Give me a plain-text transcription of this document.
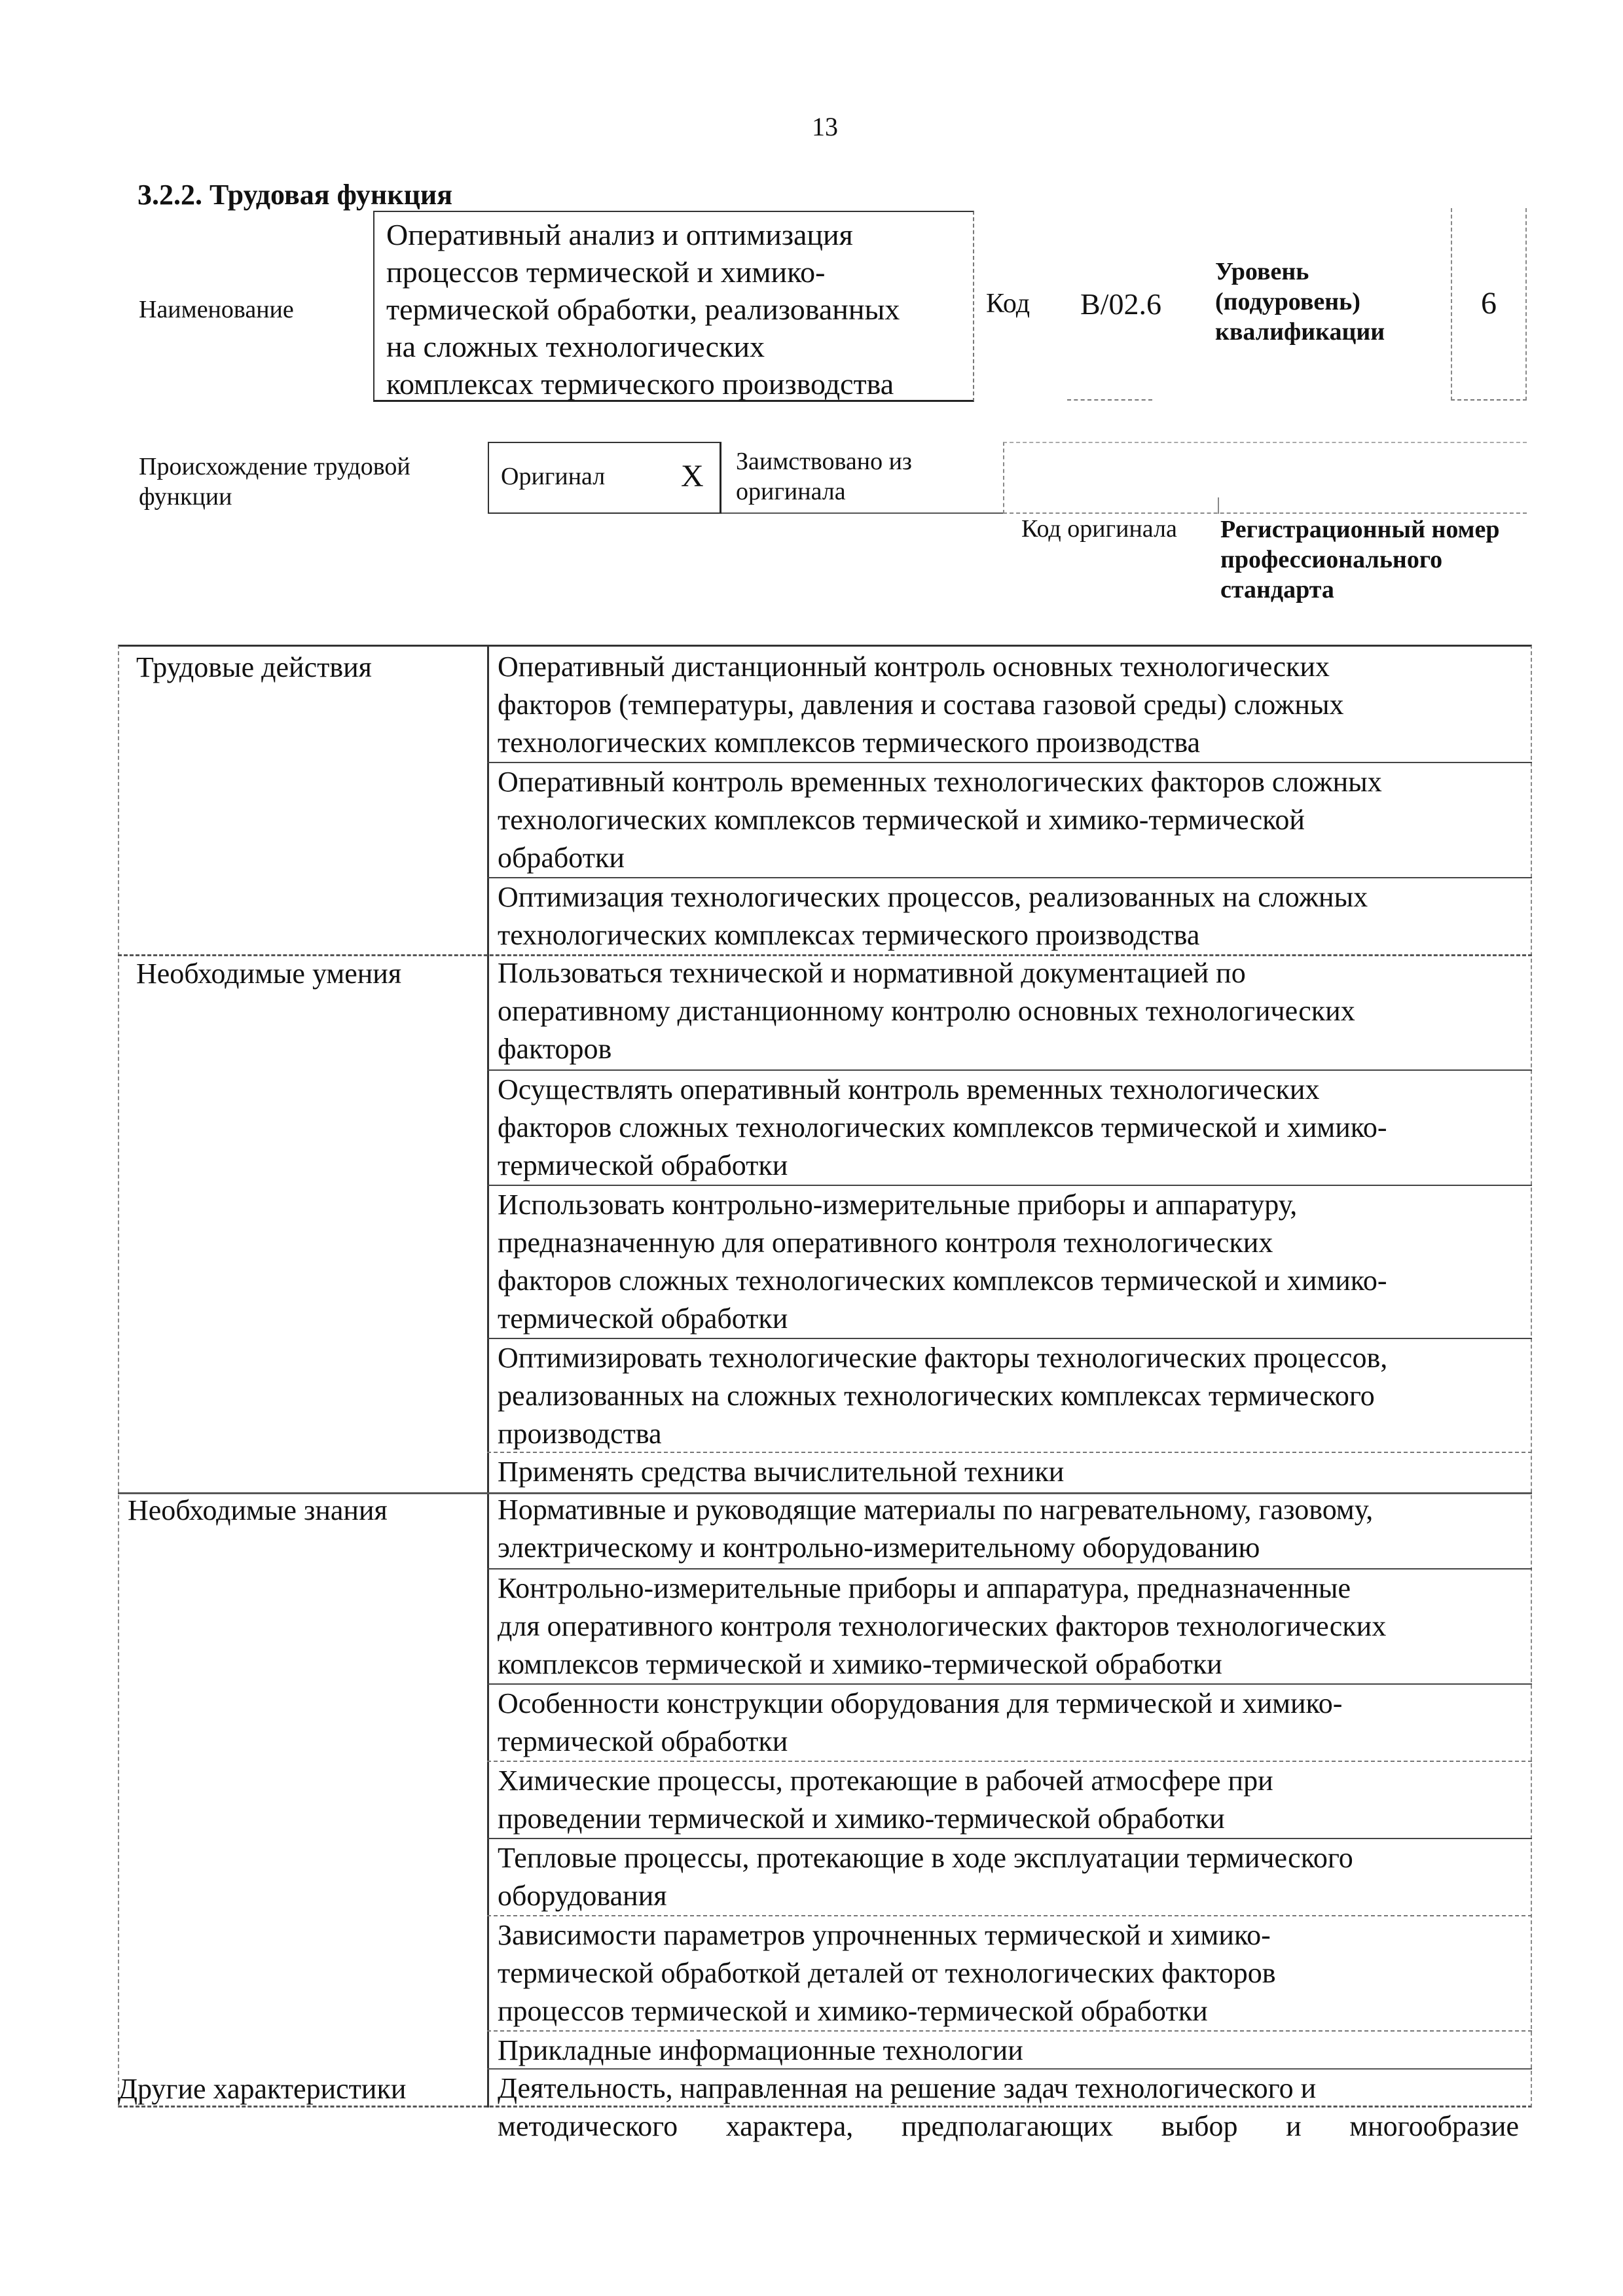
13
3.2.2. Трудовая функция
Наименование
Оперативный анализ и оптимизация
процессов термической и химико-
термической обработки, реализованных
на сложных технологических
комплексах термического производства
Код B/02.6
Уровень
(подуровень)
квалификации
6
Происхождение трудовой
функции
Оригинал X Заимствовано из
оригинала
Код оригинала Регистрационный номер
профессионального
стандарта
Трудовые действия	Оперативный дистанционный контроль основных технологических
факторов (температуры, давления и состава газовой среды) сложных
технологических комплексов термического производства
Оперативный контроль временных технологических факторов сложных
технологических комплексов термической и химико-термической
обработки
Оптимизация технологических процессов, реализованных на сложных
технологических комплексах термического производства
Необходимые умения	Пользоваться технической и нормативной документацией по
оперативному дистанционному контролю основных технологических
факторов
Осуществлять оперативный контроль временных технологических
факторов сложных технологических комплексов термической и химико-
термической обработки
Использовать контрольно-измерительные приборы и аппаратуру,
предназначенную для оперативного контроля технологических
факторов сложных технологических комплексов термической и химико-
термической обработки
Оптимизировать технологические факторы технологических процессов,
реализованных на сложных технологических комплексах термического
производства
Применять средства вычислительной техники
Необходимые знания	Нормативные и руководящие материалы по нагревательному, газовому,
электрическому и контрольно-измерительному оборудованию
Контрольно-измерительные приборы и аппаратура, предназначенные
для оперативного контроля технологических факторов технологических
комплексов термической и химико-термической обработки
Особенности конструкции оборудования для термической и химико-
термической обработки
Химические процессы, протекающие в рабочей атмосфере при
проведении термической и химико-термической обработки
Тепловые процессы, протекающие в ходе эксплуатации термического
оборудования
Зависимости параметров упрочненных термической и химико-
термической обработкой деталей от технологических факторов
процессов термической и химико-термической обработки
Прикладные информационные технологии
Другие характеристики	Деятельность, направленная на решение задач технологического и
методического характера, предполагающих выбор и многообразие
